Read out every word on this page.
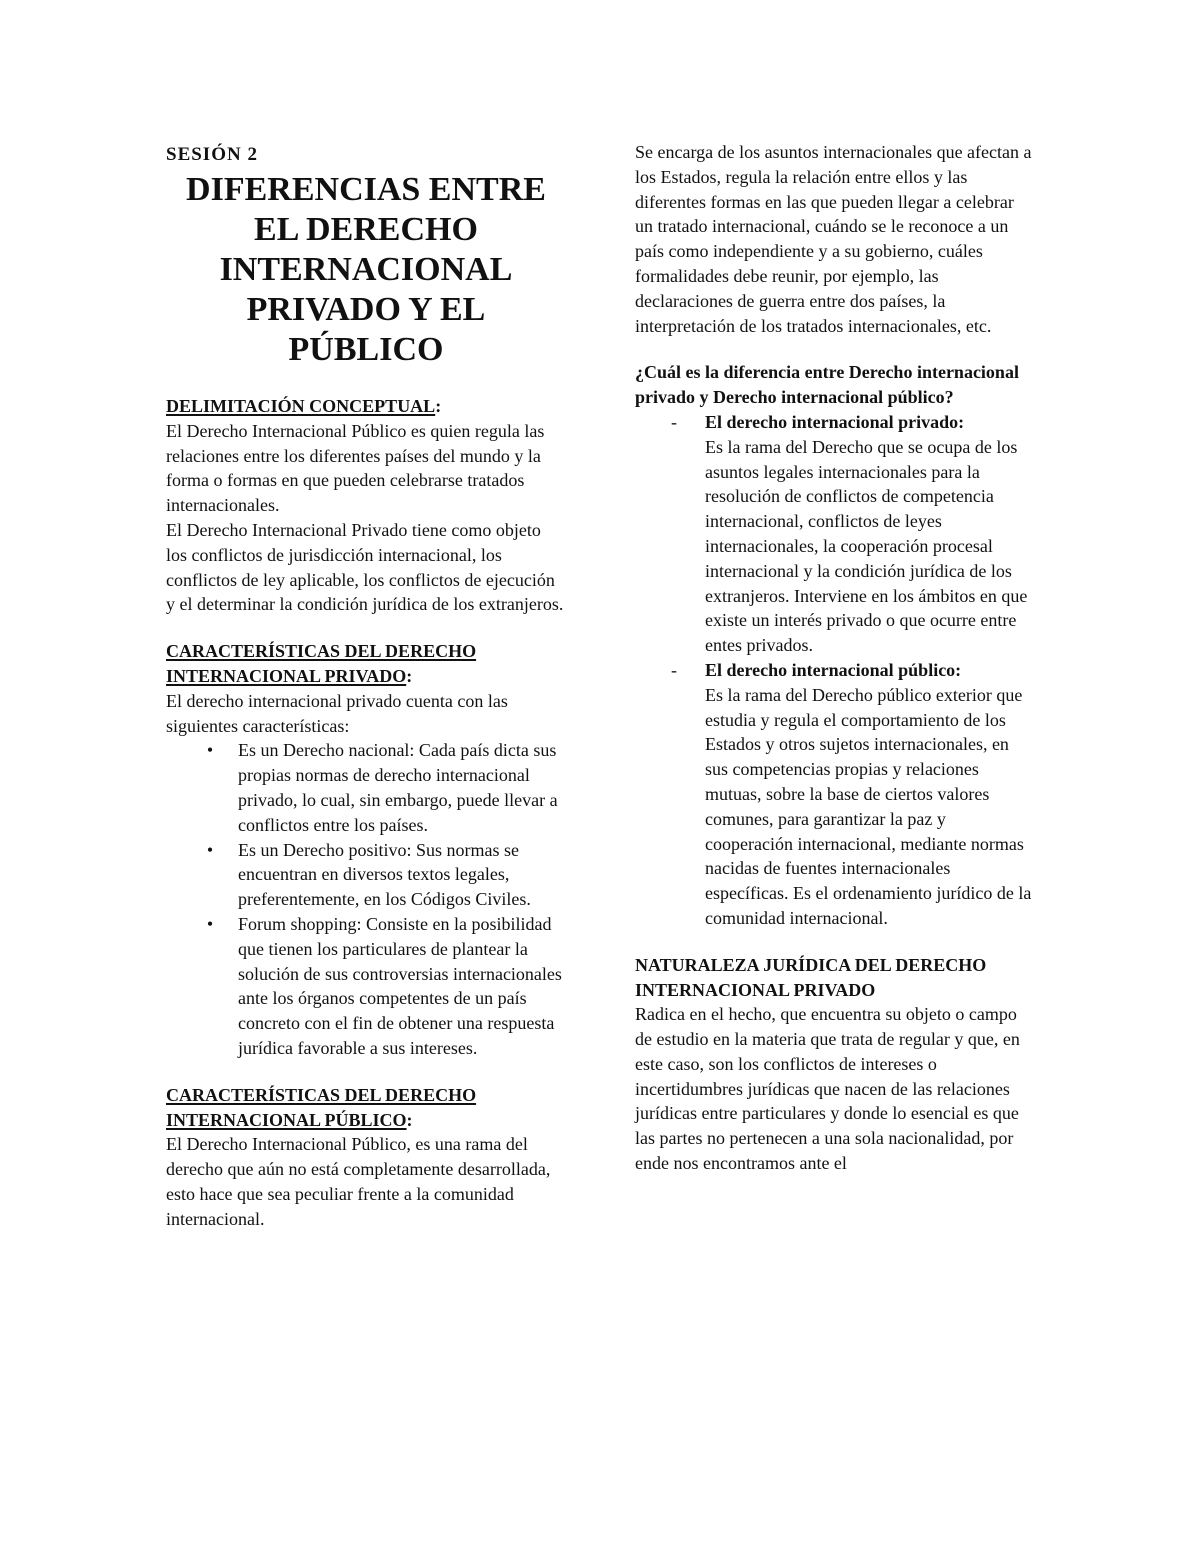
SESIÓN 2

DIFERENCIAS ENTRE
EL DERECHO
INTERNACIONAL
PRIVADO Y EL
PÚBLICO

DELIMITACIÓN CONCEPTUAL:

El Derecho Internacional Público es quien regula las relaciones entre los diferentes países del mundo y la forma o formas en que pueden celebrarse tratados internacionales.

El Derecho Internacional Privado tiene como objeto los conflictos de jurisdicción internacional, los conflictos de ley aplicable, los conflictos de ejecución y el determinar la condición jurídica de los extranjeros.

CARACTERÍSTICAS DEL DERECHO INTERNACIONAL PRIVADO:

El derecho internacional privado cuenta con las siguientes características:

•	Es un Derecho nacional: Cada país dicta sus propias normas de derecho internacional privado, lo cual, sin embargo, puede llevar a conflictos entre los países.
•	Es un Derecho positivo: Sus normas se encuentran en diversos textos legales, preferentemente, en los Códigos Civiles.
•	Forum shopping: Consiste en la posibilidad que tienen los particulares de plantear la solución de sus controversias internacionales ante los órganos competentes de un país concreto con el fin de obtener una respuesta jurídica favorable a sus intereses.

CARACTERÍSTICAS DEL DERECHO INTERNACIONAL PÚBLICO:

El Derecho Internacional Público, es una rama del derecho que aún no está completamente desarrollada, esto hace que sea peculiar frente a la comunidad internacional.

Se encarga de los asuntos internacionales que afectan a los Estados, regula la relación entre ellos y las diferentes formas en las que pueden llegar a celebrar un tratado internacional, cuándo se le reconoce a un país como independiente y a su gobierno, cuáles formalidades debe reunir, por ejemplo, las declaraciones de guerra entre dos países, la interpretación de los tratados internacionales, etc.

¿Cuál es la diferencia entre Derecho internacional privado y Derecho internacional público?

- El derecho internacional privado:
Es la rama del Derecho que se ocupa de los asuntos legales internacionales para la resolución de conflictos de competencia internacional, conflictos de leyes internacionales, la cooperación procesal internacional y la condición jurídica de los extranjeros. Interviene en los ámbitos en que existe un interés privado o que ocurre entre entes privados.
- El derecho internacional público:
Es la rama del Derecho público exterior que estudia y regula el comportamiento de los Estados y otros sujetos internacionales, en sus competencias propias y relaciones mutuas, sobre la base de ciertos valores comunes, para garantizar la paz y cooperación internacional, mediante normas nacidas de fuentes internacionales específicas. Es el ordenamiento jurídico de la comunidad internacional.

NATURALEZA JURÍDICA DEL DERECHO INTERNACIONAL PRIVADO

Radica en el hecho, que encuentra su objeto o campo de estudio en la materia que trata de regular y que, en este caso, son los conflictos de intereses o incertidumbres jurídicas que nacen de las relaciones jurídicas entre particulares y donde lo esencial es que las partes no pertenecen a una sola nacionalidad, por ende nos encontramos ante el
